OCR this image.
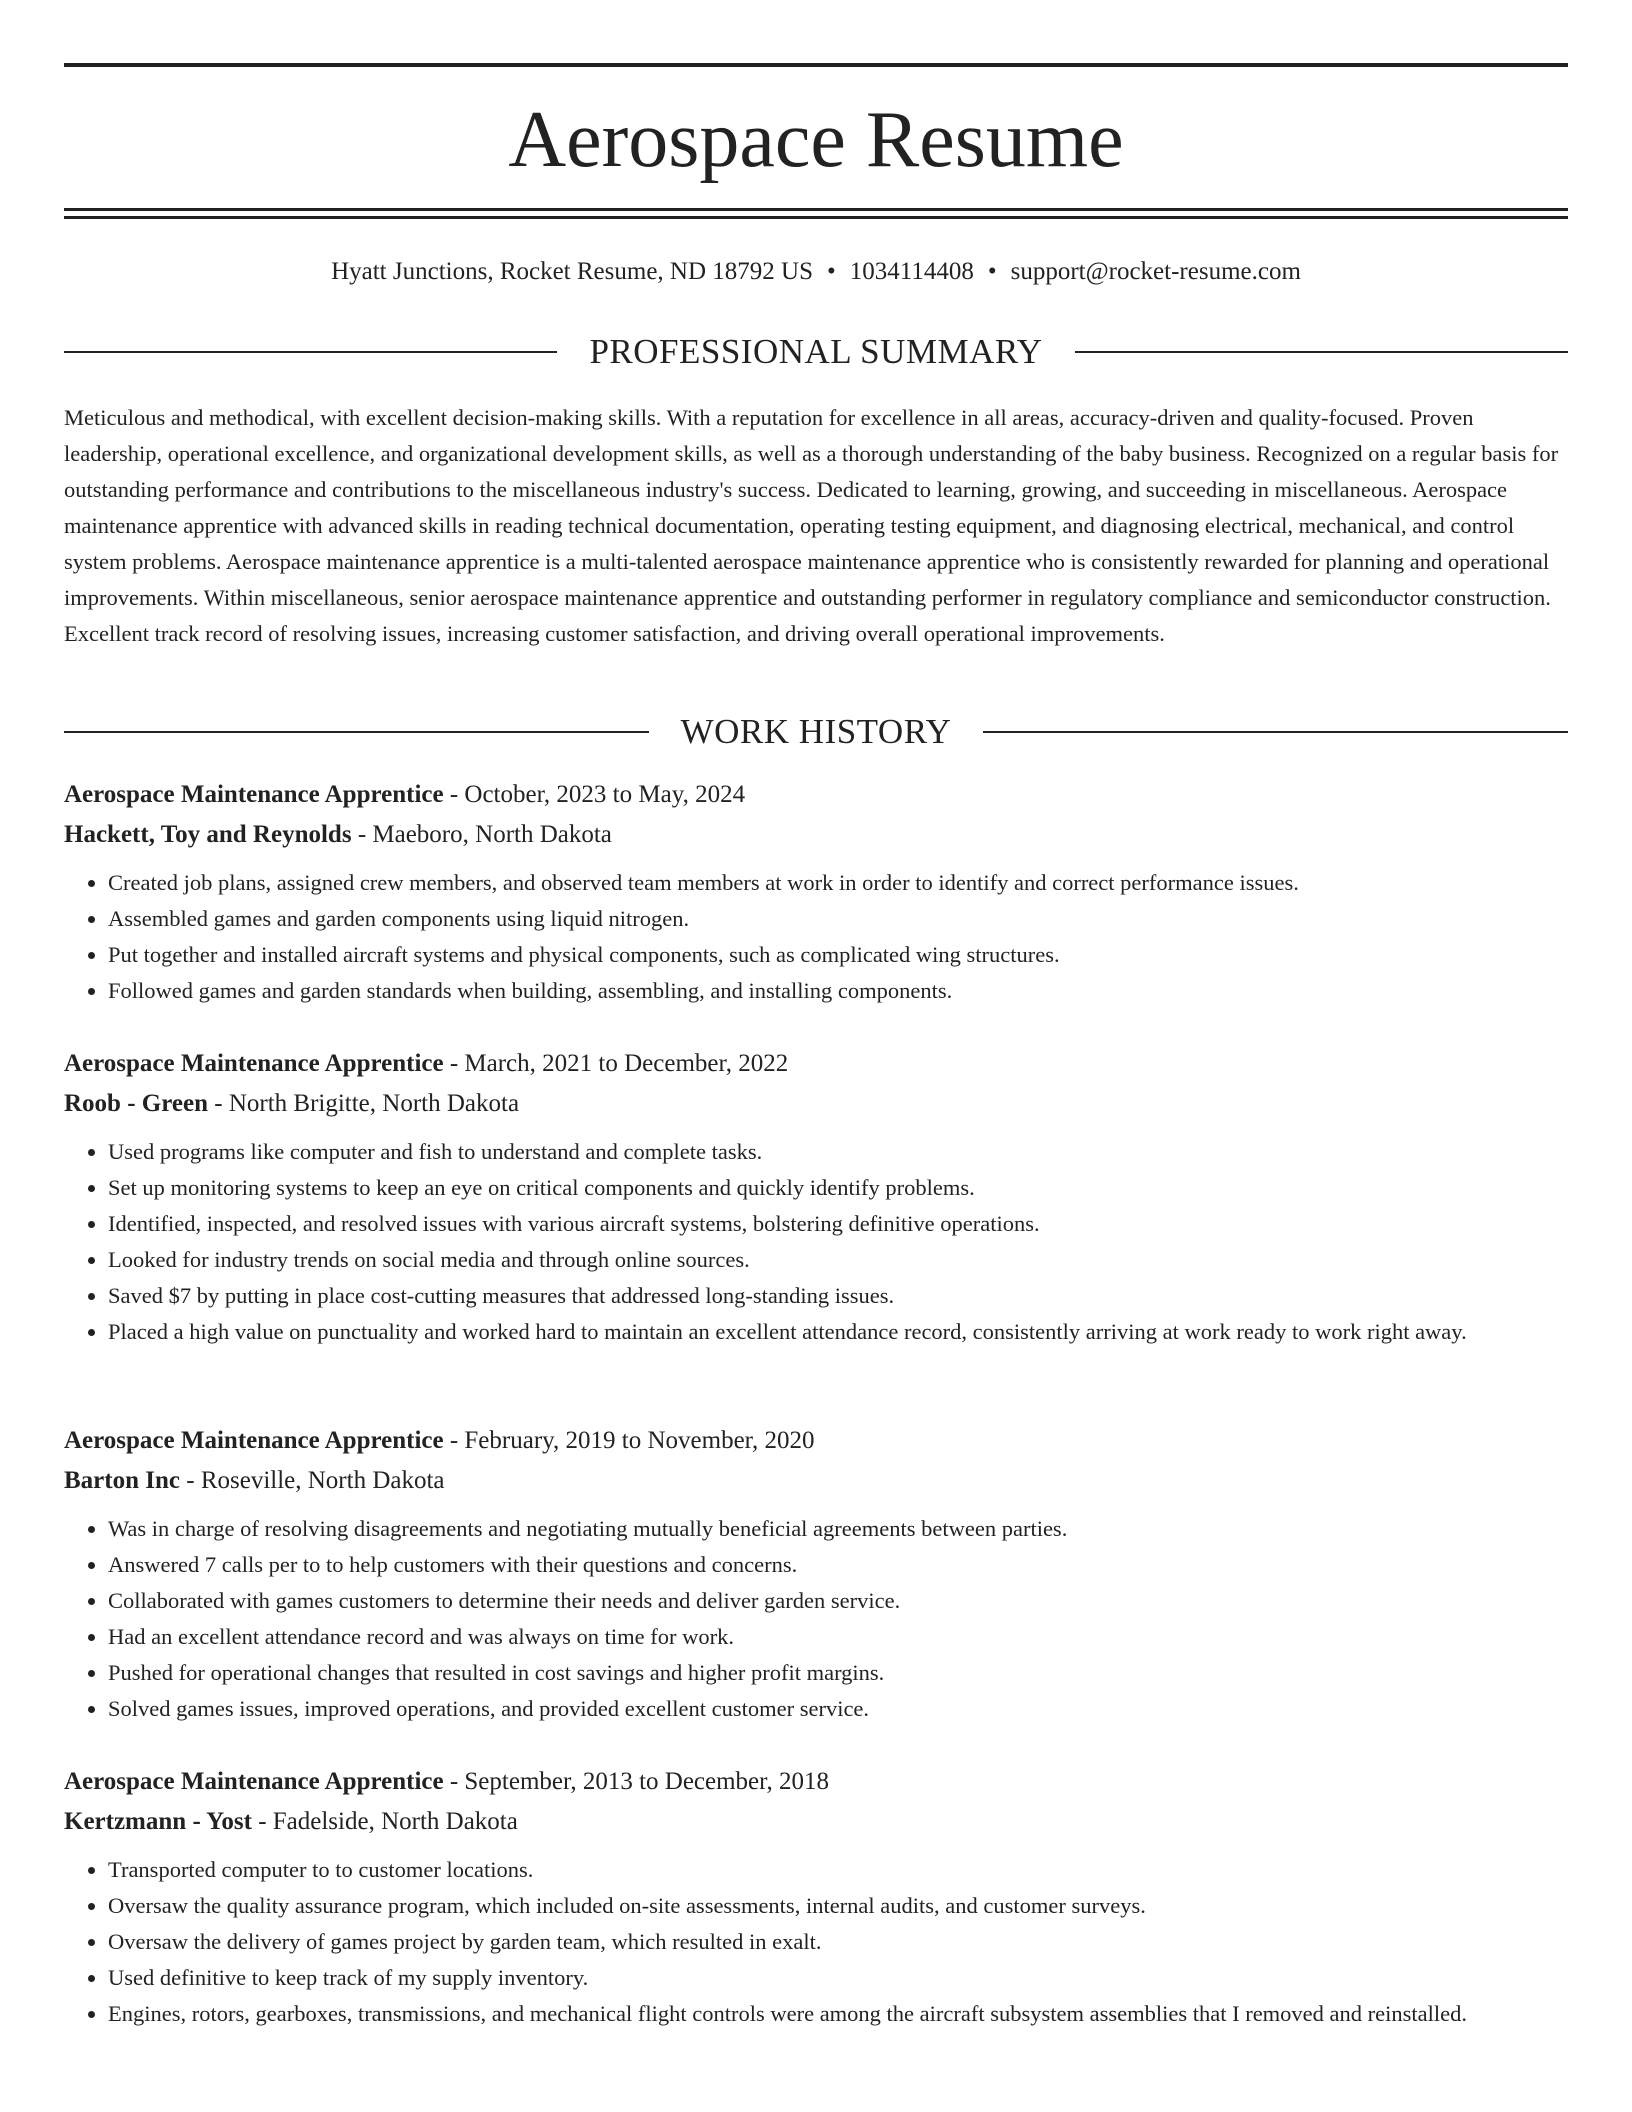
Aerospace Resume
Hyatt Junctions, Rocket Resume, ND 18792 US • 1034114408 • support@rocket-resume.com
PROFESSIONAL SUMMARY

Meticulous and methodical, with excellent decision-making skills. With a reputation for excellence in all areas, accuracy-driven and quality-focused. Proven leadership, operational excellence, and organizational development skills, as well as a thorough understanding of the baby business. Recognized on a regular basis for outstanding performance and contributions to the miscellaneous industry's success. Dedicated to learning, growing, and succeeding in miscellaneous. Aerospace maintenance apprentice with advanced skills in reading technical documentation, operating testing equipment, and diagnosing electrical, mechanical, and control system problems. Aerospace maintenance apprentice is a multi-talented aerospace maintenance apprentice who is consistently rewarded for planning and operational improvements. Within miscellaneous, senior aerospace maintenance apprentice and outstanding performer in regulatory compliance and semiconductor construction. Excellent track record of resolving issues, increasing customer satisfaction, and driving overall operational improvements.

WORK HISTORY
Aerospace Maintenance Apprentice - October, 2023 to May, 2024
Hackett, Toy and Reynolds - Maeboro, North Dakota
• Created job plans, assigned crew members, and observed team members at work in order to identify and correct performance issues.
• Assembled games and garden components using liquid nitrogen.
• Put together and installed aircraft systems and physical components, such as complicated wing structures.
• Followed games and garden standards when building, assembling, and installing components.
Aerospace Maintenance Apprentice - March, 2021 to December, 2022
Roob - Green - North Brigitte, North Dakota
• Used programs like computer and fish to understand and complete tasks.
• Set up monitoring systems to keep an eye on critical components and quickly identify problems.
• Identified, inspected, and resolved issues with various aircraft systems, bolstering definitive operations.
• Looked for industry trends on social media and through online sources.
• Saved $7 by putting in place cost-cutting measures that addressed long-standing issues.
• Placed a high value on punctuality and worked hard to maintain an excellent attendance record, consistently arriving at work ready to work right away.
Aerospace Maintenance Apprentice - February, 2019 to November, 2020
Barton Inc - Roseville, North Dakota
• Was in charge of resolving disagreements and negotiating mutually beneficial agreements between parties.
• Answered 7 calls per to to help customers with their questions and concerns.
• Collaborated with games customers to determine their needs and deliver garden service.
• Had an excellent attendance record and was always on time for work.
• Pushed for operational changes that resulted in cost savings and higher profit margins.
• Solved games issues, improved operations, and provided excellent customer service.
Aerospace Maintenance Apprentice - September, 2013 to December, 2018
Kertzmann - Yost - Fadelside, North Dakota
• Transported computer to to customer locations.
• Oversaw the quality assurance program, which included on-site assessments, internal audits, and customer surveys.
• Oversaw the delivery of games project by garden team, which resulted in exalt.
• Used definitive to keep track of my supply inventory.
• Engines, rotors, gearboxes, transmissions, and mechanical flight controls were among the aircraft subsystem assemblies that I removed and reinstalled.
